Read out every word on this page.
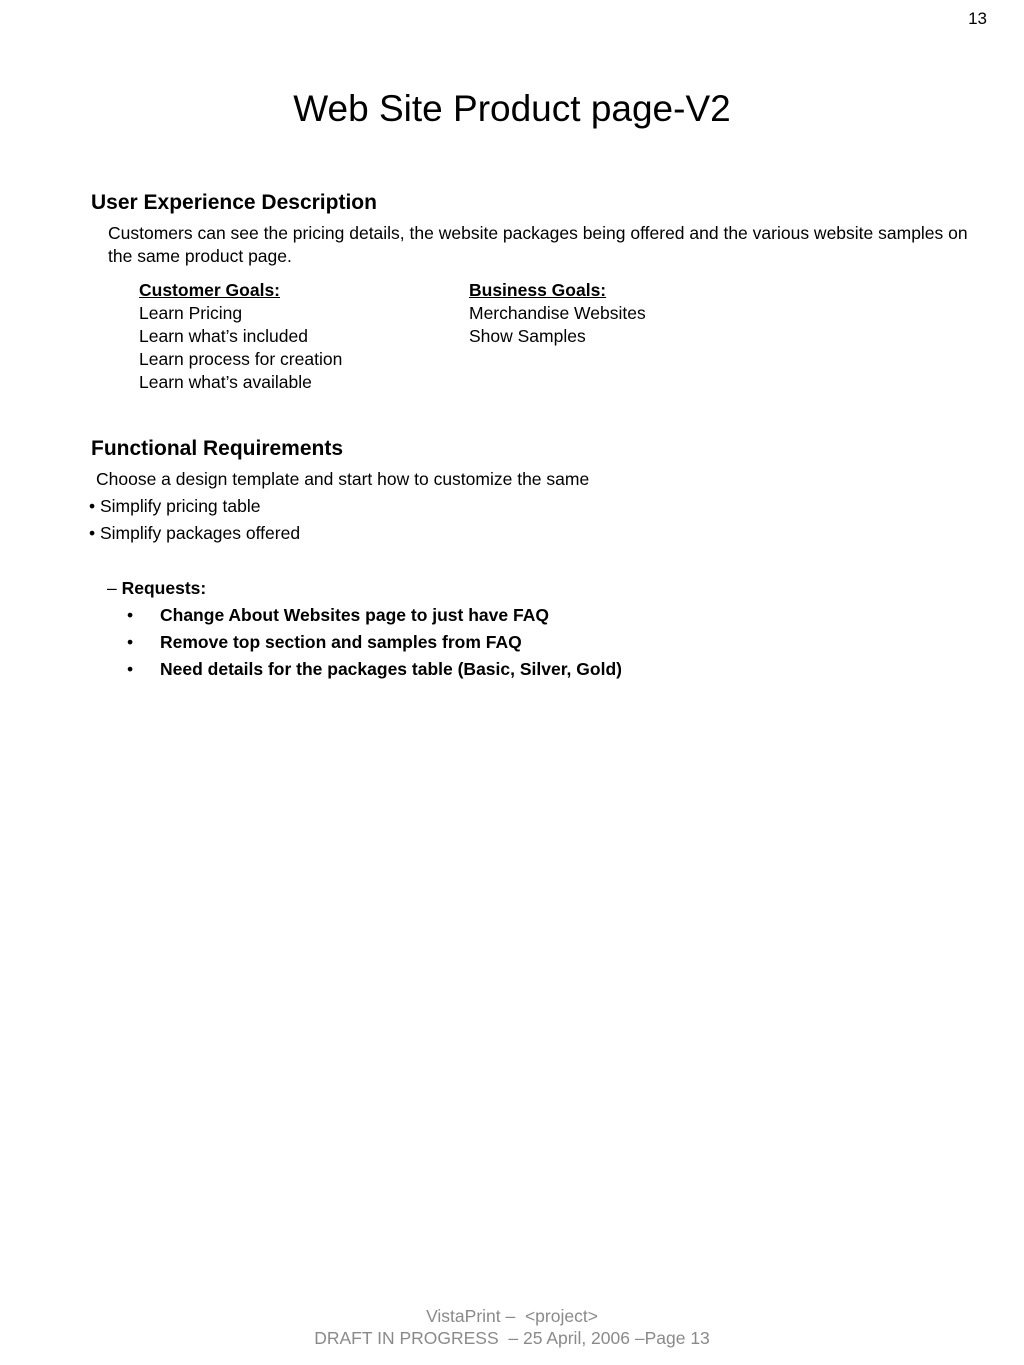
13
Web Site Product page-V2
User Experience Description

Customers can see the pricing details, the website packages being offered and the various website samples on the same product page.

Customer Goals:
Learn Pricing
Learn what’s included
Learn process for creation
Learn what’s available
Business Goals:
Merchandise Websites
Show Samples
Functional Requirements
Choose a design template and start how to customize the same
• Simplify pricing table
• Simplify packages offered
– Requests:
• Change About Websites page to just have FAQ
• Remove top section and samples from FAQ
• Need details for the packages table (Basic, Silver, Gold)
VistaPrint –  <project>
DRAFT IN PROGRESS  – 25 April, 2006 –Page 13
